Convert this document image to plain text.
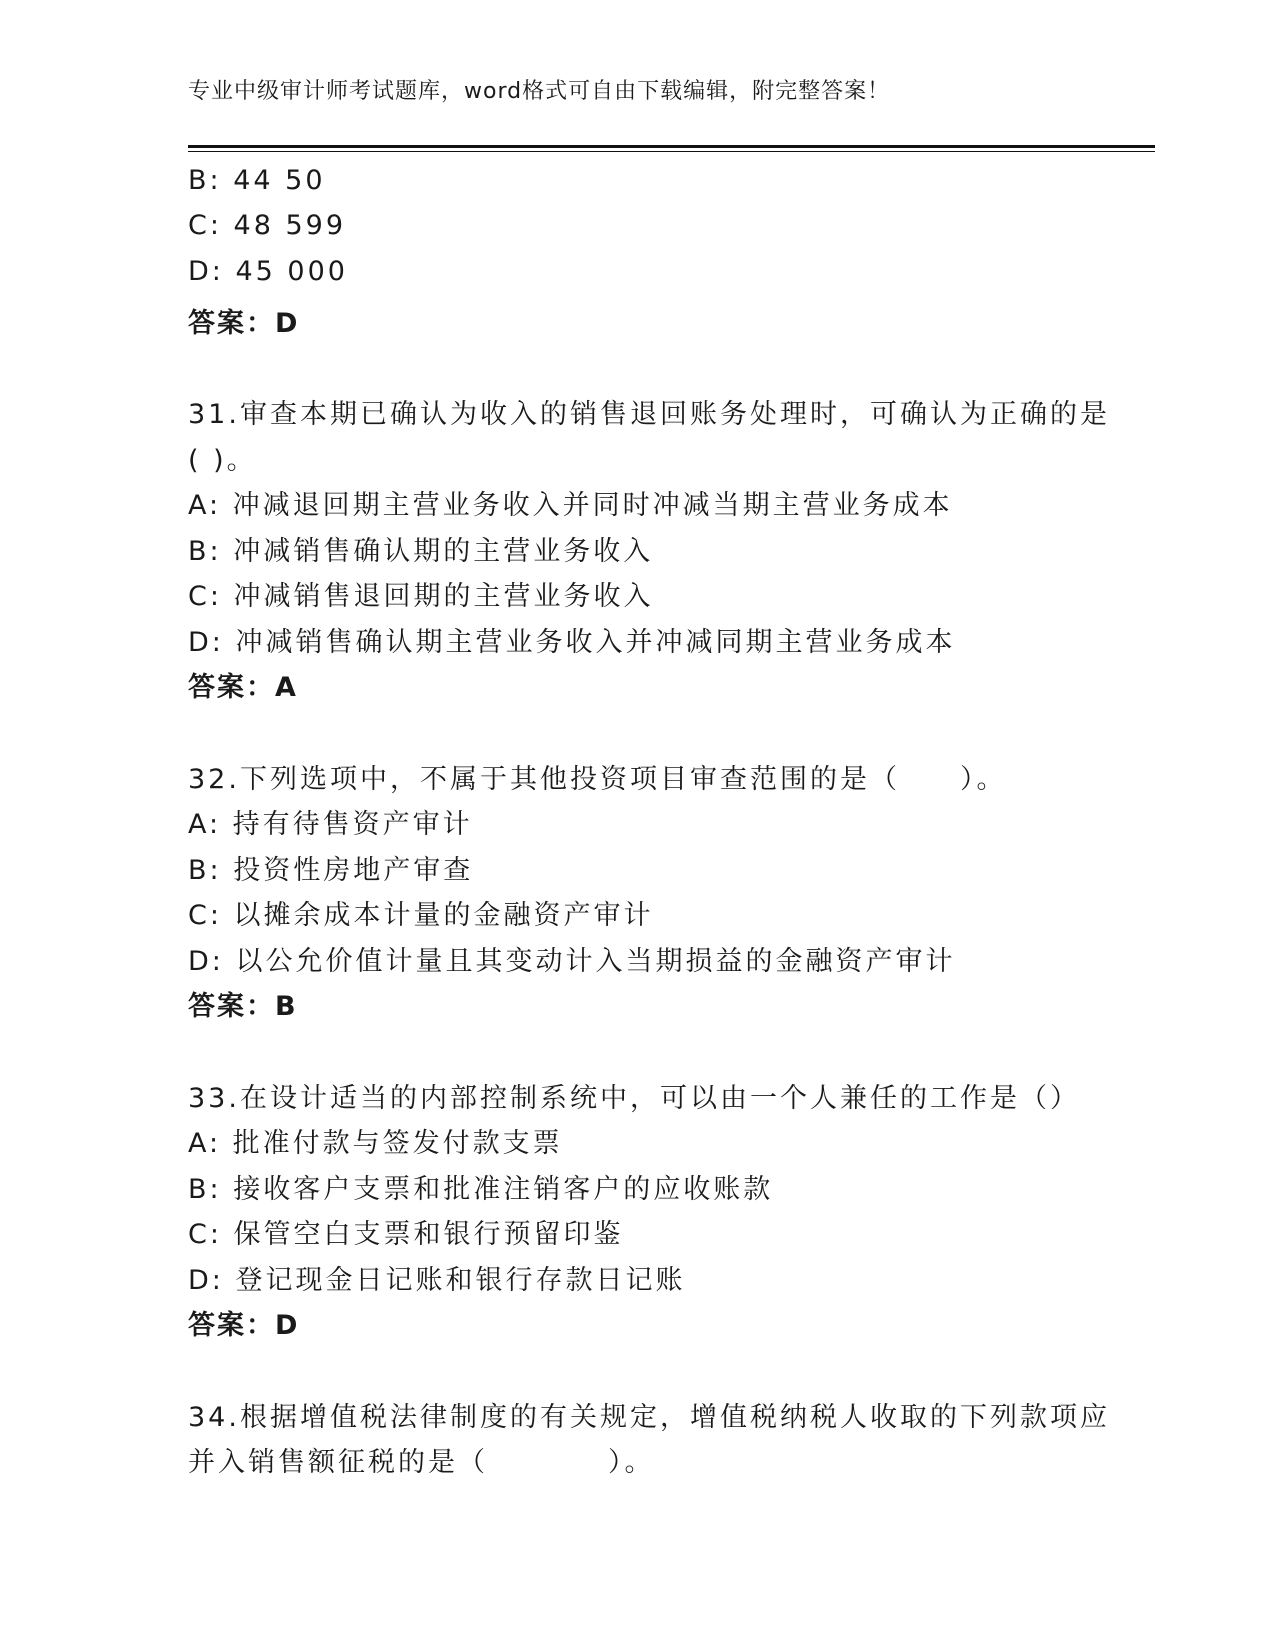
专业中级审计师考试题库，word格式可自由下载编辑，附完整答案！
B: 44 50
C: 48 599
D: 45 000
答案：D
31.审查本期已确认为收入的销售退回账务处理时，可确认为正确的是
( )。
A: 冲减退回期主营业务收入并同时冲减当期主营业务成本
B: 冲减销售确认期的主营业务收入
C: 冲减销售退回期的主营业务收入
D: 冲减销售确认期主营业务收入并冲减同期主营业务成本
答案：A
32.下列选项中，不属于其他投资项目审查范围的是（　　）。
A: 持有待售资产审计
B: 投资性房地产审查
C: 以摊余成本计量的金融资产审计
D: 以公允价值计量且其变动计入当期损益的金融资产审计
答案：B
33.在设计适当的内部控制系统中，可以由一个人兼任的工作是（）
A: 批准付款与签发付款支票
B: 接收客户支票和批准注销客户的应收账款
C: 保管空白支票和银行预留印鉴
D: 登记现金日记账和银行存款日记账
答案：D
34.根据增值税法律制度的有关规定，增值税纳税人收取的下列款项应
并入销售额征税的是（　　　　）。
